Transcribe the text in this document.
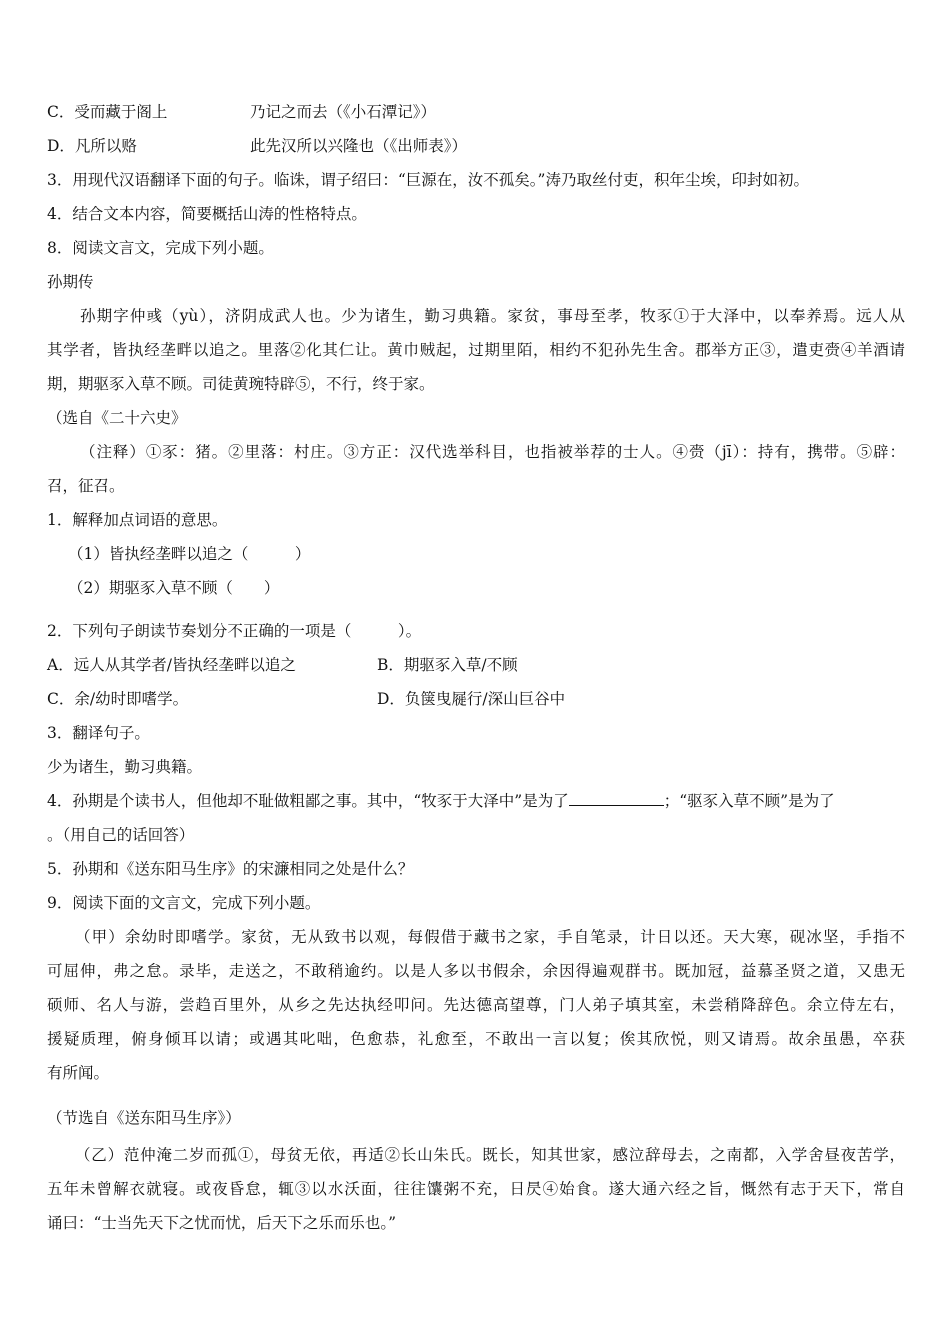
C．受而藏于阁上	乃记之而去（《小石潭记》）
D．凡所以赂	此先汉所以兴隆也（《出师表》）
3．用现代汉语翻译下面的句子。临诛，谓子绍曰：“巨源在，汝不孤矣。”涛乃取丝付吏，积年尘埃，印封如初。
4．结合文本内容，简要概括山涛的性格特点。
8．阅读文言文，完成下列小题。
孙期传
孙期字仲彧（yù），济阴成武人也。少为诸生，勤习典籍。家贫，事母至孝，牧豕①于大泽中，以奉养焉。远人从
其学者，皆执经垄畔以追之。里落②化其仁让。黄巾贼起，过期里陌，相约不犯孙先生舍。郡举方正③，遣吏赍④羊酒请
期，期驱豕入草不顾。司徒黄琬特辟⑤，不行，终于家。
（选自《二十六史》
（注释）①豕：猪。②里落：村庄。③方正：汉代选举科目，也指被举荐的士人。④赍（jī）：持有，携带。⑤辟：
召，征召。
1．解释加点词语的意思。
（1）皆执经垄畔以追之（　　　）
（2）期驱豕入草不顾（　　）
2．下列句子朗读节奏划分不正确的一项是（　　　）。
A．远人从其学者/皆执经垄畔以追之	B．期驱豕入草/不顾
C．余/幼时即嗜学。	D．负箧曳屣行/深山巨谷中
3．翻译句子。
少为诸生，勤习典籍。
4．孙期是个读书人，但他却不耻做粗鄙之事。其中，“牧豕于大泽中”是为了	；“驱豕入草不顾”是为了
。（用自己的话回答）
5．孙期和《送东阳马生序》的宋濂相同之处是什么？
9．阅读下面的文言文，完成下列小题。
（甲）余幼时即嗜学。家贫，无从致书以观，每假借于藏书之家，手自笔录，计日以还。天大寒，砚冰坚，手指不
可屈伸，弗之怠。录毕，走送之，不敢稍逾约。以是人多以书假余，余因得遍观群书。既加冠，益慕圣贤之道，又患无
硕师、名人与游，尝趋百里外，从乡之先达执经叩问。先达德高望尊，门人弟子填其室，未尝稍降辞色。余立侍左右，
援疑质理，俯身倾耳以请；或遇其叱咄，色愈恭，礼愈至，不敢出一言以复；俟其欣悦，则又请焉。故余虽愚，卒获
有所闻。
（节选自《送东阳马生序》）
（乙）范仲淹二岁而孤①，母贫无依，再适②长山朱氏。既长，知其世家，感泣辞母去，之南都，入学舍昼夜苦学，
五年未曾解衣就寝。或夜昏怠，辄③以水沃面，往往馕粥不充，日昃④始食。遂大通六经之旨，慨然有志于天下，常自
诵曰：“士当先天下之忧而忧，后天下之乐而乐也。”
